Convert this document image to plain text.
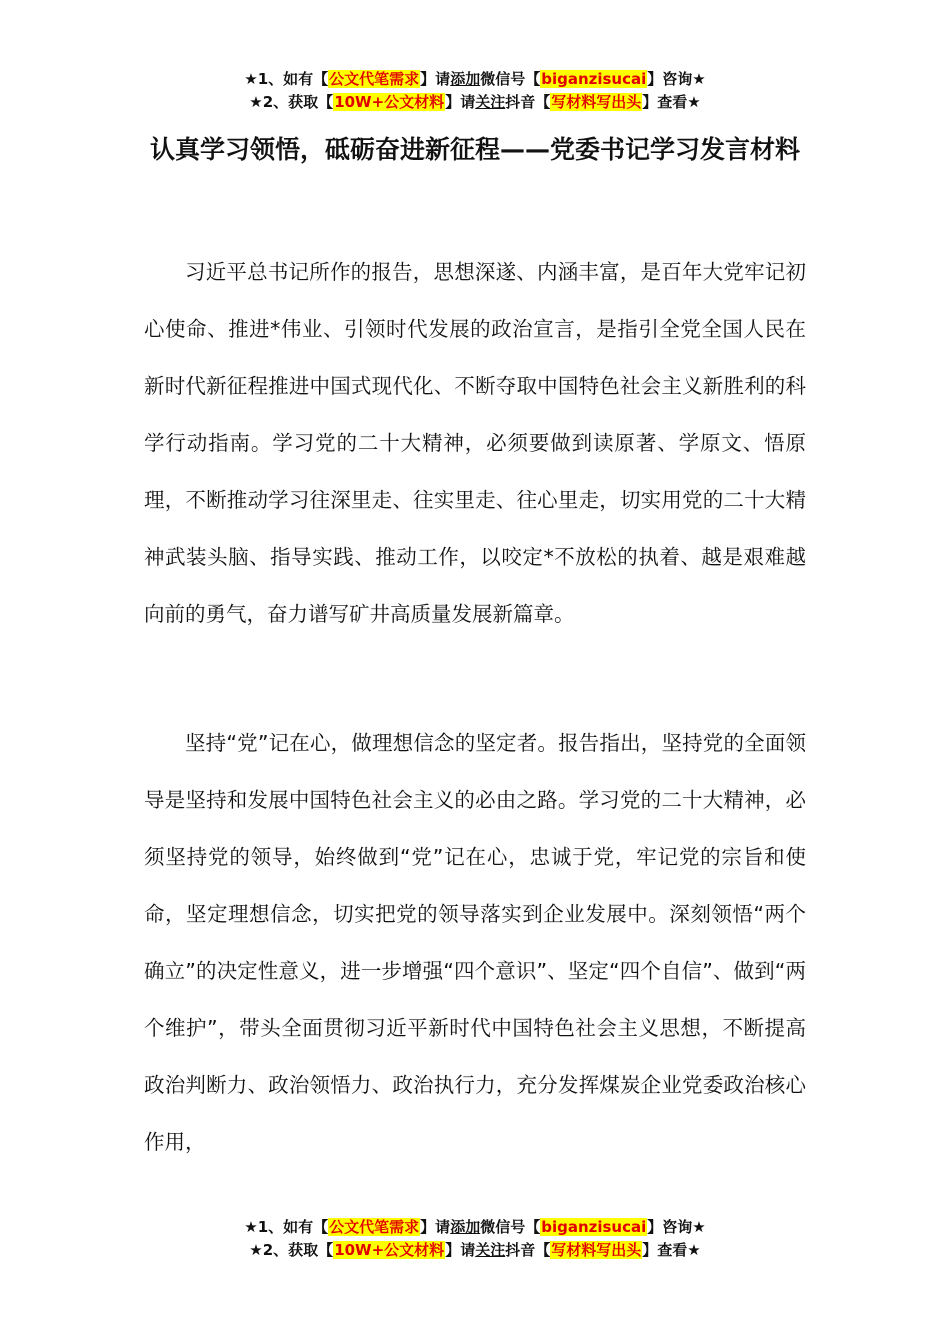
★1、如有【公文代笔需求】请添加微信号【biganzisucai】咨询★
★2、获取【10W+公文材料】请关注抖音【写材料写出头】查看★
认真学习领悟，砥砺奋进新征程——党委书记学习发言材料

习近平总书记所作的报告，思想深遂、内涵丰富，是百年大党牢记初心使命、推进*伟业、引领时代发展的政治宣言，是指引全党全国人民在新时代新征程推进中国式现代化、不断夺取中国特色社会主义新胜利的科学行动指南。学习党的二十大精神，必须要做到读原著、学原文、悟原理，不断推动学习往深里走、往实里走、往心里走，切实用党的二十大精神武装头脑、指导实践、推动工作，以咬定*不放松的执着、越是艰难越向前的勇气，奋力谱写矿井高质量发展新篇章。

坚持“党”记在心，做理想信念的坚定者。报告指出，坚持党的全面领导是坚持和发展中国特色社会主义的必由之路。学习党的二十大精神，必须坚持党的领导，始终做到“党”记在心，忠诚于党，牢记党的宗旨和使命，坚定理想信念，切实把党的领导落实到企业发展中。深刻领悟“两个确立”的决定性意义，进一步增强“四个意识”、坚定“四个自信”、做到“两个维护”，带头全面贯彻习近平新时代中国特色社会主义思想，不断提高政治判断力、政治领悟力、政治执行力，充分发挥煤炭企业党委政治核心作用，

★1、如有【公文代笔需求】请添加微信号【biganzisucai】咨询★
★2、获取【10W+公文材料】请关注抖音【写材料写出头】查看★
